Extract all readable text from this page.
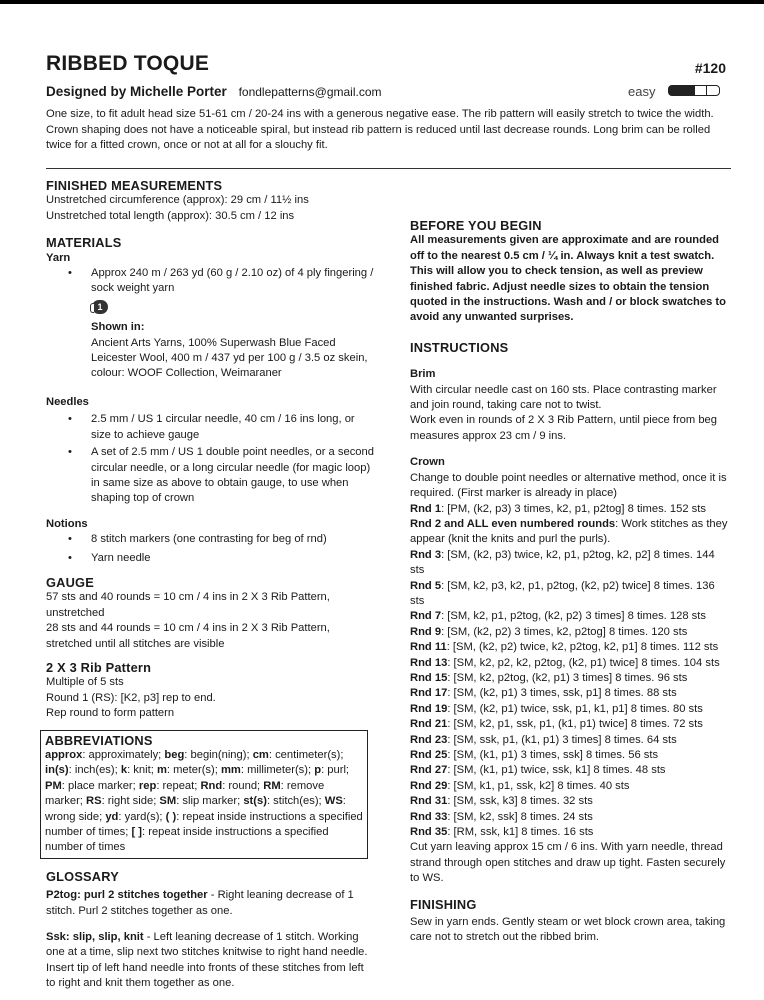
RIBBED TOQUE
Designed by Michelle Porter fondlepatterns@gmail.com
#120
easy

One size, to fit adult head size 51-61 cm / 20-24 ins with a generous negative ease. The rib pattern will easily stretch to twice the width. Crown shaping does not have a noticeable spiral, but instead rib pattern is reduced until last decrease rounds. Long brim can be rolled twice for a fitted crown, once or not at all for a slouchy fit.

FINISHED MEASUREMENTS

Unstretched circumference (approx): 29 cm / 11½ ins

Unstretched total length (approx): 30.5 cm / 12 ins

MATERIALS
Yarn
• Approx 240 m / 263 yd (60 g / 2.10 oz) of 4 ply fingering / sock weight yarn
1

Shown in:
Ancient Arts Yarns, 100% Superwash Blue Faced Leicester Wool, 400 m / 437 yd per 100 g / 3.5 oz skein, colour: WOOF Collection, Weimaraner

Needles
• 2.5 mm / US 1 circular needle, 40 cm / 16 ins long, or size to achieve gauge
• A set of 2.5 mm / US 1 double point needles, or a second circular needle, or a long circular needle (for magic loop) in same size as above to obtain gauge, to use when shaping top of crown
Notions
• 8 stitch markers (one contrasting for beg of rnd)
• Yarn needle
GAUGE

57 sts and 40 rounds = 10 cm / 4 ins in 2 X 3 Rib Pattern, unstretched

28 sts and 44 rounds = 10 cm / 4 ins in 2 X 3 Rib Pattern, stretched until all stitches are visible

2 X 3 Rib Pattern

Multiple of 5 sts

Round 1 (RS): [K2, p3] rep to end.

Rep round to form pattern

ABBREVIATIONS

approx: approximately; beg: begin(ning); cm: centimeter(s); in(s): inch(es); k: knit; m: meter(s); mm: millimeter(s); p: purl; PM: place marker; rep: repeat; Rnd: round; RM: remove marker; RS: right side; SM: slip marker; st(s): stitch(es); WS: wrong side; yd: yard(s); ( ): repeat inside instructions a specified number of times; [ ]: repeat inside instructions a specified number of times

GLOSSARY

P2tog: purl 2 stitches together - Right leaning decrease of 1 stitch. Purl 2 stitches together as one.

Ssk: slip, slip, knit - Left leaning decrease of 1 stitch. Working one at a time, slip next two stitches knitwise to right hand needle. Insert tip of left hand needle into fronts of these stitches from left to right and knit them together as one.

BEFORE YOU BEGIN

All measurements given are approximate and are rounded off to the nearest 0.5 cm / ¼ in. Always knit a test swatch. This will allow you to check tension, as well as preview finished fabric. Adjust needle sizes to obtain the tension quoted in the instructions. Wash and / or block swatches to avoid any unwanted surprises.

INSTRUCTIONS
Brim

With circular needle cast on 160 sts. Place contrasting marker and join round, taking care not to twist.

Work even in rounds of 2 X 3 Rib Pattern, until piece from beg measures approx 23 cm / 9 ins.

Crown

Change to double point needles or alternative method, once it is required. (First marker is already in place)

Rnd 1: [PM, (k2, p3) 3 times, k2, p1, p2tog] 8 times. 152 sts

Rnd 2 and ALL even numbered rounds: Work stitches as they appear (knit the knits and purl the purls).

Rnd 3: [SM, (k2, p3) twice, k2, p1, p2tog, k2, p2] 8 times. 144 sts

Rnd 5: [SM, k2, p3, k2, p1, p2tog, (k2, p2) twice] 8 times. 136 sts

Rnd 7: [SM, k2, p1, p2tog, (k2, p2) 3 times] 8 times. 128 sts

Rnd 9: [SM, (k2, p2) 3 times, k2, p2tog] 8 times. 120 sts

Rnd 11: [SM, (k2, p2) twice, k2, p2tog, k2, p1] 8 times. 112 sts

Rnd 13: [SM, k2, p2, k2, p2tog, (k2, p1) twice] 8 times. 104 sts

Rnd 15: [SM, k2, p2tog, (k2, p1) 3 times] 8 times. 96 sts

Rnd 17: [SM, (k2, p1) 3 times, ssk, p1] 8 times. 88 sts

Rnd 19: [SM, (k2, p1) twice, ssk, p1, k1, p1] 8 times. 80 sts

Rnd 21: [SM, k2, p1, ssk, p1, (k1, p1) twice] 8 times. 72 sts

Rnd 23: [SM, ssk, p1, (k1, p1) 3 times] 8 times. 64 sts

Rnd 25: [SM, (k1, p1) 3 times, ssk] 8 times. 56 sts

Rnd 27: [SM, (k1, p1) twice, ssk, k1] 8 times. 48 sts

Rnd 29: [SM, k1, p1, ssk, k2] 8 times. 40 sts

Rnd 31: [SM, ssk, k3] 8 times. 32 sts

Rnd 33: [SM, k2, ssk] 8 times. 24 sts

Rnd 35: [RM, ssk, k1] 8 times. 16 sts

Cut yarn leaving approx 15 cm / 6 ins. With yarn needle, thread strand through open stitches and draw up tight. Fasten securely to WS.

FINISHING

Sew in yarn ends. Gently steam or wet block crown area, taking care not to stretch out the ribbed brim.
